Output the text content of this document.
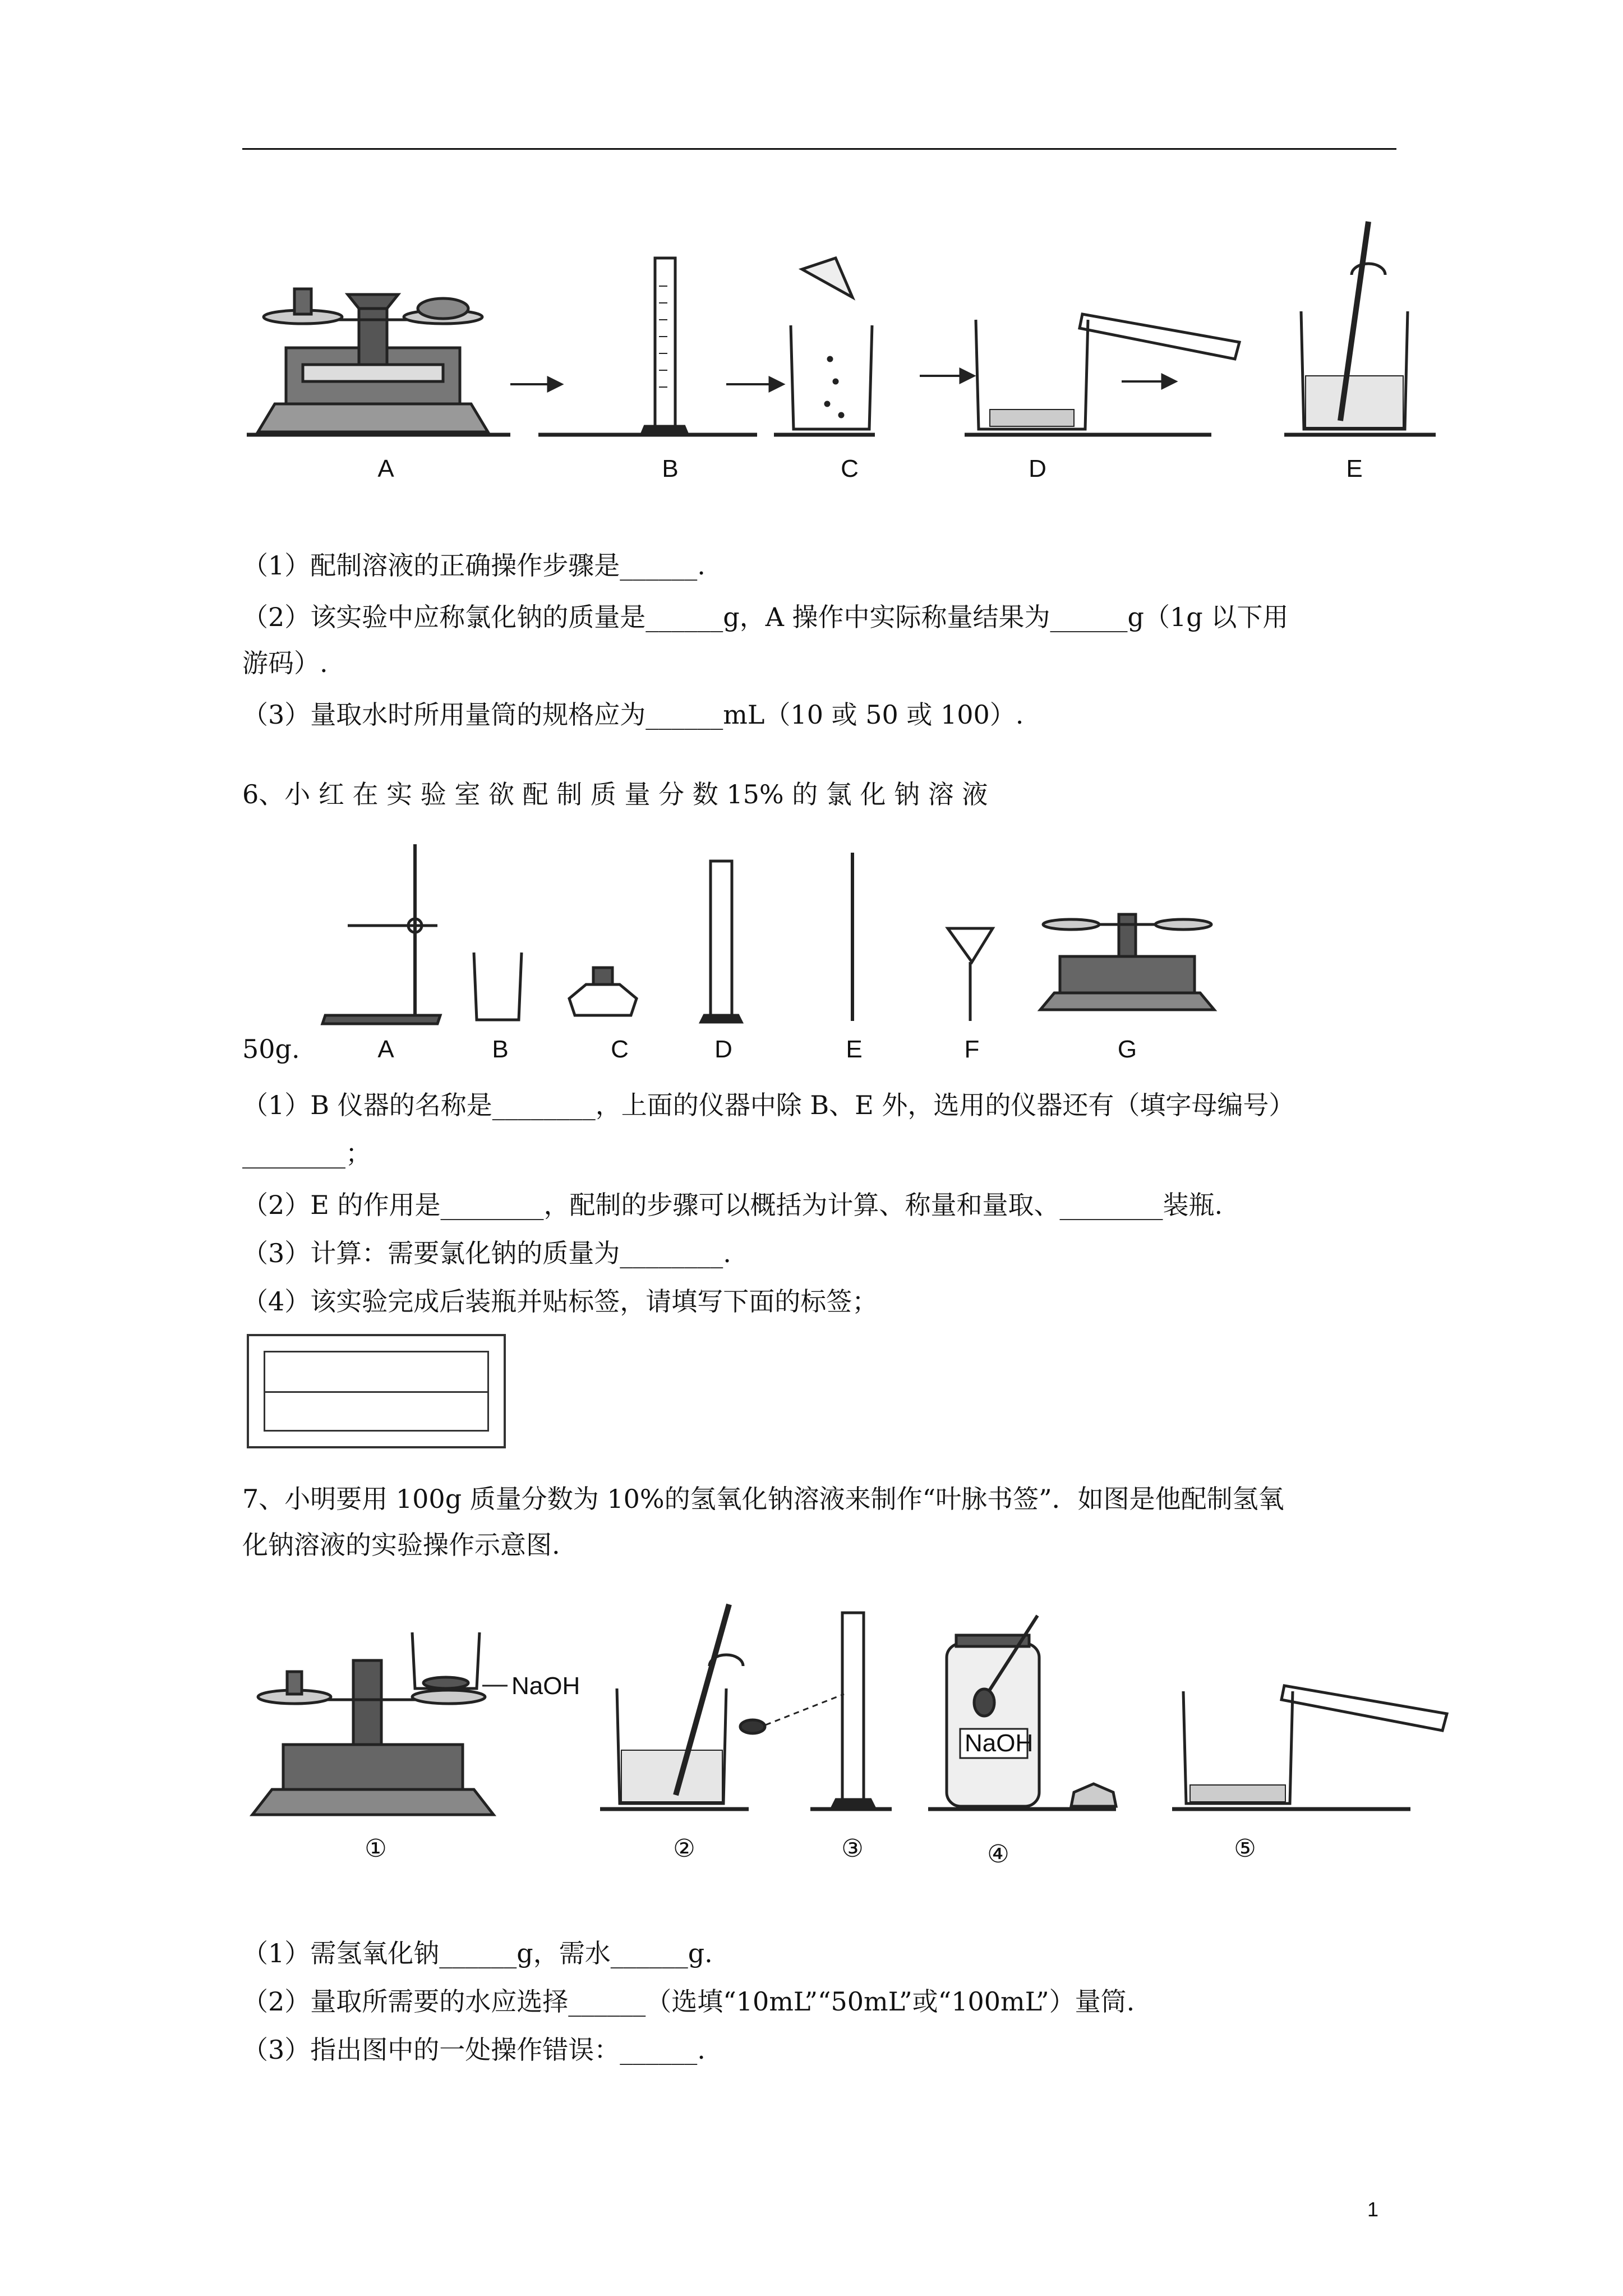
A	B	C	D	E
（1）配制溶液的正确操作步骤是______.
（2）该实验中应称氯化钠的质量是______g，A 操作中实际称量结果为______g（1g 以下用
游码）.
（3）量取水时所用量筒的规格应为______mL（10 或 50 或 100）.
6、小 红 在 实 验 室 欲 配 制 质 量 分 数 15% 的 氯 化 钠 溶 液
A	B	C	D	E	F	G
50g.
（1）B 仪器的名称是________，上面的仪器中除 B、E 外，选用的仪器还有（填字母编号）
________；
（2）E 的作用是________，配制的步骤可以概括为计算、称量和量取、________装瓶.
（3）计算：需要氯化钠的质量为________.
（4）该实验完成后装瓶并贴标签，请填写下面的标签；
7、小明要用 100g 质量分数为 10%的氢氧化钠溶液来制作“叶脉书签”．如图是他配制氢氧
化钠溶液的实验操作示意图.
NaOH
NaOH
①	②	③	④	⑤
（1）需氢氧化钠______g，需水______g.
（2）量取所需要的水应选择______（选填“10mL”“50mL”或“100mL”）量筒.
（3）指出图中的一处操作错误：______.
1
